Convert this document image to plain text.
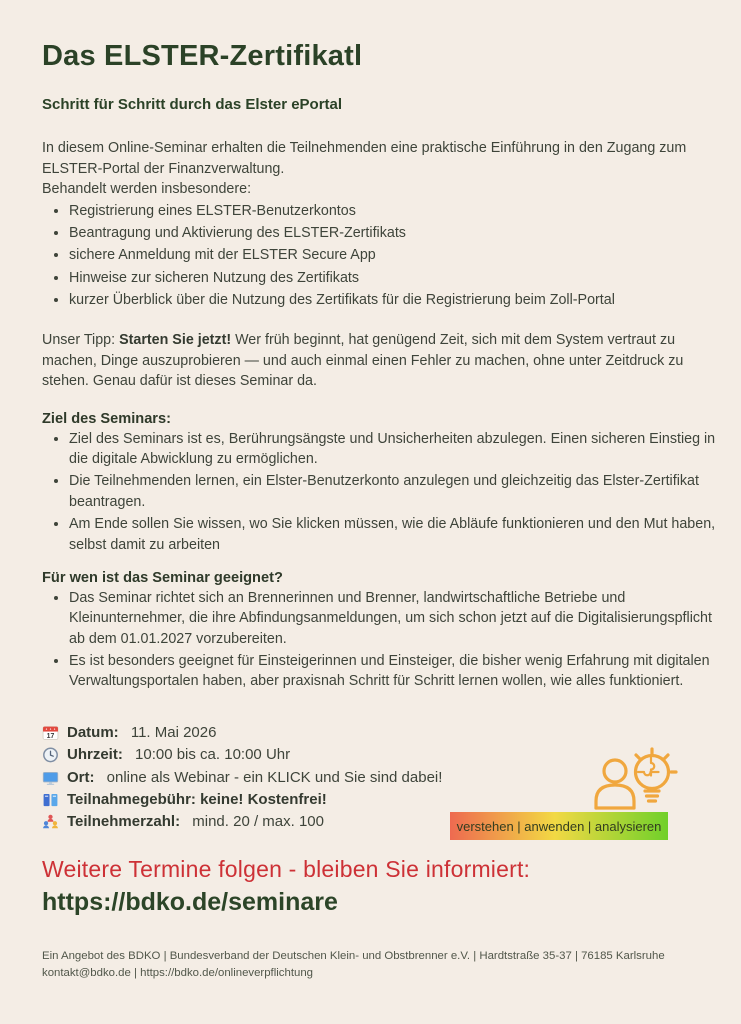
Das ELSTER-Zertifikatl
Schritt für Schritt durch das Elster ePortal

In diesem Online-Seminar erhalten die Teilnehmenden eine praktische Einführung in den Zugang zum ELSTER-Portal der Finanzverwaltung.

Behandelt werden insbesondere:

• Registrierung eines ELSTER-Benutzerkontos
• Beantragung und Aktivierung des ELSTER-Zertifikats
• sichere Anmeldung mit der ELSTER Secure App
• Hinweise zur sicheren Nutzung des Zertifikats
• kurzer Überblick über die Nutzung des Zertifikats für die Registrierung beim Zoll-Portal

Unser Tipp: Starten Sie jetzt! Wer früh beginnt, hat genügend Zeit, sich mit dem System vertraut zu machen, Dinge auszuprobieren — und auch einmal einen Fehler zu machen, ohne unter Zeitdruck zu stehen. Genau dafür ist dieses Seminar da.

Ziel des Seminars:
• Ziel des Seminars ist es, Berührungsängste und Unsicherheiten abzulegen. Einen sicheren Einstieg in die digitale Abwicklung zu ermöglichen.
• Die Teilnehmenden lernen, ein Elster-Benutzerkonto anzulegen und gleichzeitig das Elster-Zertifikat beantragen.
• Am Ende sollen Sie wissen, wo Sie klicken müssen, wie die Abläufe funktionieren und den Mut haben, selbst damit zu arbeiten
Für wen ist das Seminar geeignet?
• Das Seminar richtet sich an Brennerinnen und Brenner, landwirtschaftliche Betriebe und Kleinunternehmer, die ihre Abfindungsanmeldungen, um sich schon jetzt auf die Digitalisierungspflicht ab dem 01.01.2027 vorzubereiten.
• Es ist besonders geeignet für Einsteigerinnen und Einsteiger, die bisher wenig Erfahrung mit digitalen Verwaltungsportalen haben, aber praxisnah Schritt für Schritt lernen wollen, wie alles funktioniert.
17 Datum: 11. Mai 2026
Uhrzeit: 10:00 bis ca. 10:00 Uhr
Ort: online als Webinar - ein KLICK und Sie sind dabei!
Teilnahmegebühr: keine! Kostenfrei!
Teilnehmerzahl: mind. 20 / max. 100
Weitere Termine folgen - bleiben Sie informiert:
https://bdko.de/seminare
Ein Angebot des BDKO | Bundesverband der Deutschen Klein- und Obstbrenner e.V. | Hardtstraße 35-37 | 76185 Karlsruhe
kontakt@bdko.de | https://bdko.de/onlineverpflichtung
verstehen | anwenden | analysieren
